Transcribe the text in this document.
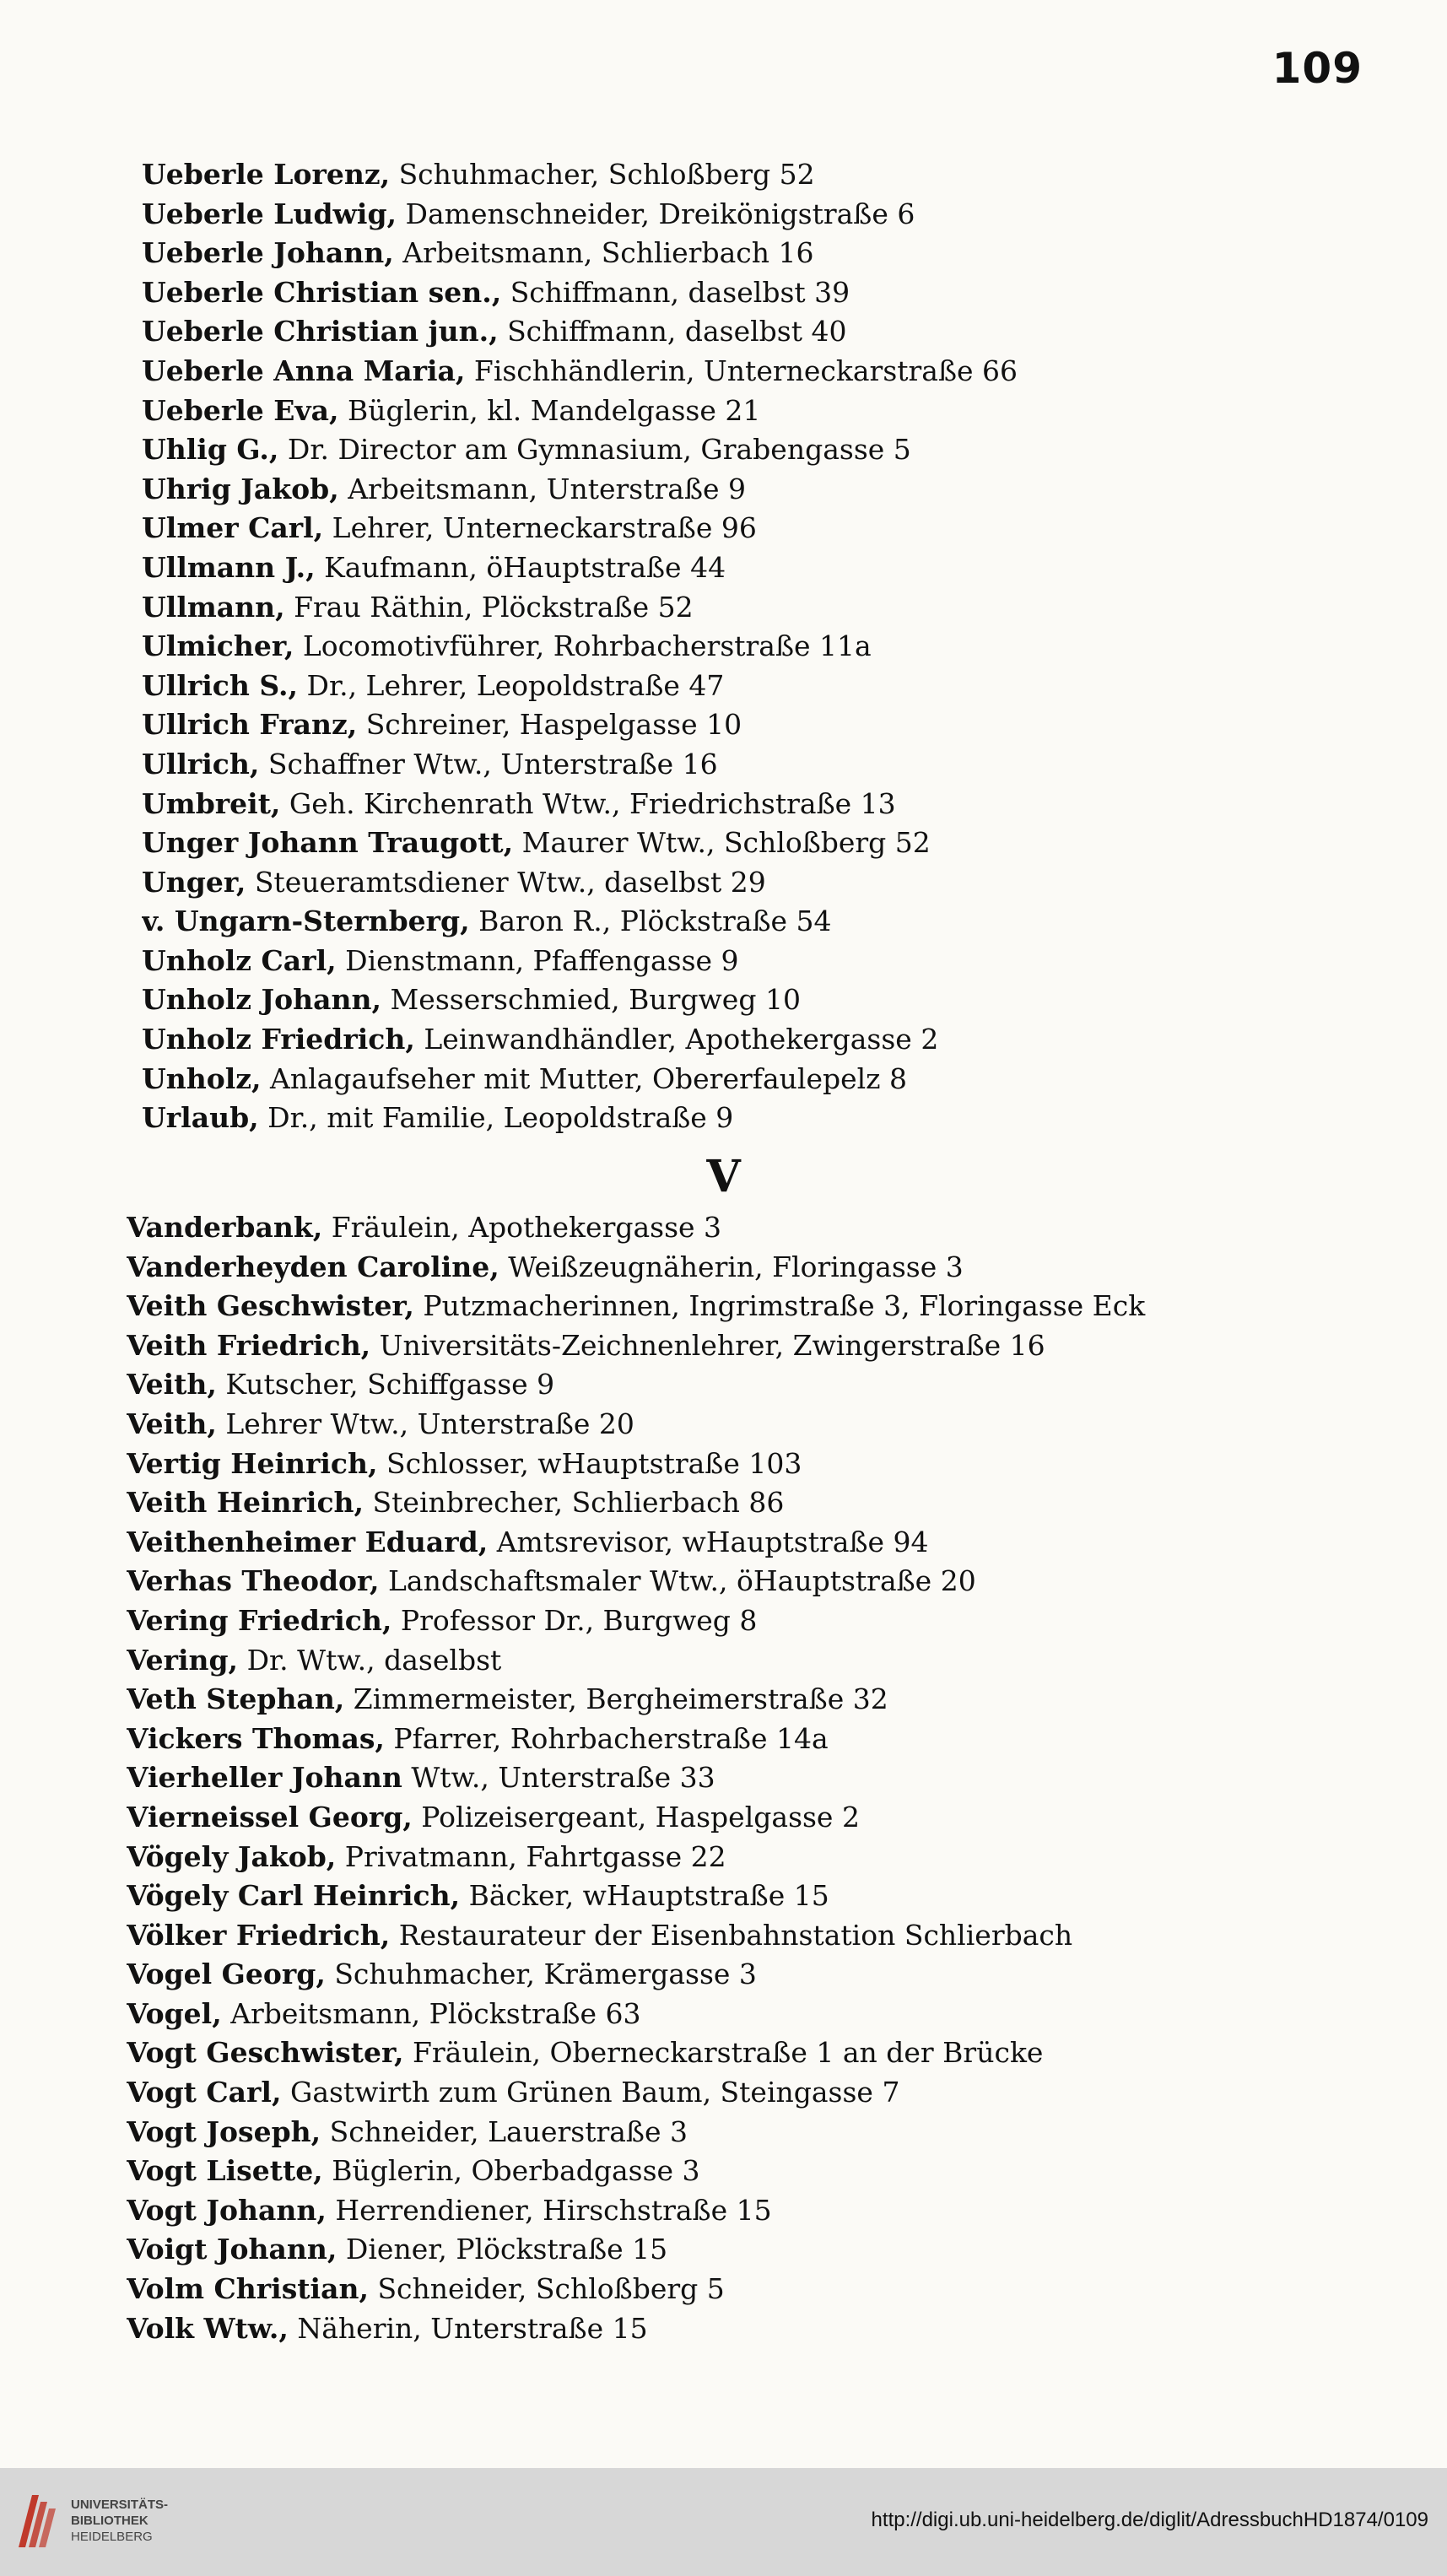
109
Ueberle Lorenz, Schuhmacher, Schloßberg 52
Ueberle Ludwig, Damenschneider, Dreikönigstraße 6
Ueberle Johann, Arbeitsmann, Schlierbach 16
Ueberle Christian sen., Schiffmann, daselbst 39
Ueberle Christian jun., Schiffmann, daselbst 40
Ueberle Anna Maria, Fischhändlerin, Unterneckarstraße 66
Ueberle Eva, Büglerin, kl. Mandelgasse 21
Uhlig G., Dr. Director am Gymnasium, Grabengasse 5
Uhrig Jakob, Arbeitsmann, Unterstraße 9
Ulmer Carl, Lehrer, Unterneckarstraße 96
Ullmann J., Kaufmann, öHauptstraße 44
Ullmann, Frau Räthin, Plöckstraße 52
Ulmicher, Locomotivführer, Rohrbacherstraße 11a
Ullrich S., Dr., Lehrer, Leopoldstraße 47
Ullrich Franz, Schreiner, Haspelgasse 10
Ullrich, Schaffner Wtw., Unterstraße 16
Umbreit, Geh. Kirchenrath Wtw., Friedrichstraße 13
Unger Johann Traugott, Maurer Wtw., Schloßberg 52
Unger, Steueramtsdiener Wtw., daselbst 29
v. Ungarn-Sternberg, Baron R., Plöckstraße 54
Unholz Carl, Dienstmann, Pfaffengasse 9
Unholz Johann, Messerschmied, Burgweg 10
Unholz Friedrich, Leinwandhändler, Apothekergasse 2
Unholz, Anlagaufseher mit Mutter, Obererfaulepelz 8
Urlaub, Dr., mit Familie, Leopoldstraße 9
V
Vanderbank, Fräulein, Apothekergasse 3
Vanderheyden Caroline, Weißzeugnäherin, Floringasse 3
Veith Geschwister, Putzmacherinnen, Ingrimstraße 3, Floringasse Eck
Veith Friedrich, Universitäts-Zeichnenlehrer, Zwingerstraße 16
Veith, Kutscher, Schiffgasse 9
Veith, Lehrer Wtw., Unterstraße 20
Vertig Heinrich, Schlosser, wHauptstraße 103
Veith Heinrich, Steinbrecher, Schlierbach 86
Veithenheimer Eduard, Amtsrevisor, wHauptstraße 94
Verhas Theodor, Landschaftsmaler Wtw., öHauptstraße 20
Vering Friedrich, Professor Dr., Burgweg 8
Vering, Dr. Wtw., daselbst
Veth Stephan, Zimmermeister, Bergheimerstraße 32
Vickers Thomas, Pfarrer, Rohrbacherstraße 14a
Vierheller Johann Wtw., Unterstraße 33
Vierneissel Georg, Polizeisergeant, Haspelgasse 2
Vögely Jakob, Privatmann, Fahrtgasse 22
Vögely Carl Heinrich, Bäcker, wHauptstraße 15
Völker Friedrich, Restaurateur der Eisenbahnstation Schlierbach
Vogel Georg, Schuhmacher, Krämergasse 3
Vogel, Arbeitsmann, Plöckstraße 63
Vogt Geschwister, Fräulein, Oberneckarstraße 1 an der Brücke
Vogt Carl, Gastwirth zum Grünen Baum, Steingasse 7
Vogt Joseph, Schneider, Lauerstraße 3
Vogt Lisette, Büglerin, Oberbadgasse 3
Vogt Johann, Herrendiener, Hirschstraße 15
Voigt Johann, Diener, Plöckstraße 15
Volm Christian, Schneider, Schloßberg 5
Volk Wtw., Näherin, Unterstraße 15
UNIVERSITÄTS-
BIBLIOTHEK
HEIDELBERG
http://digi.ub.uni-heidelberg.de/diglit/AdressbuchHD1874/0109
